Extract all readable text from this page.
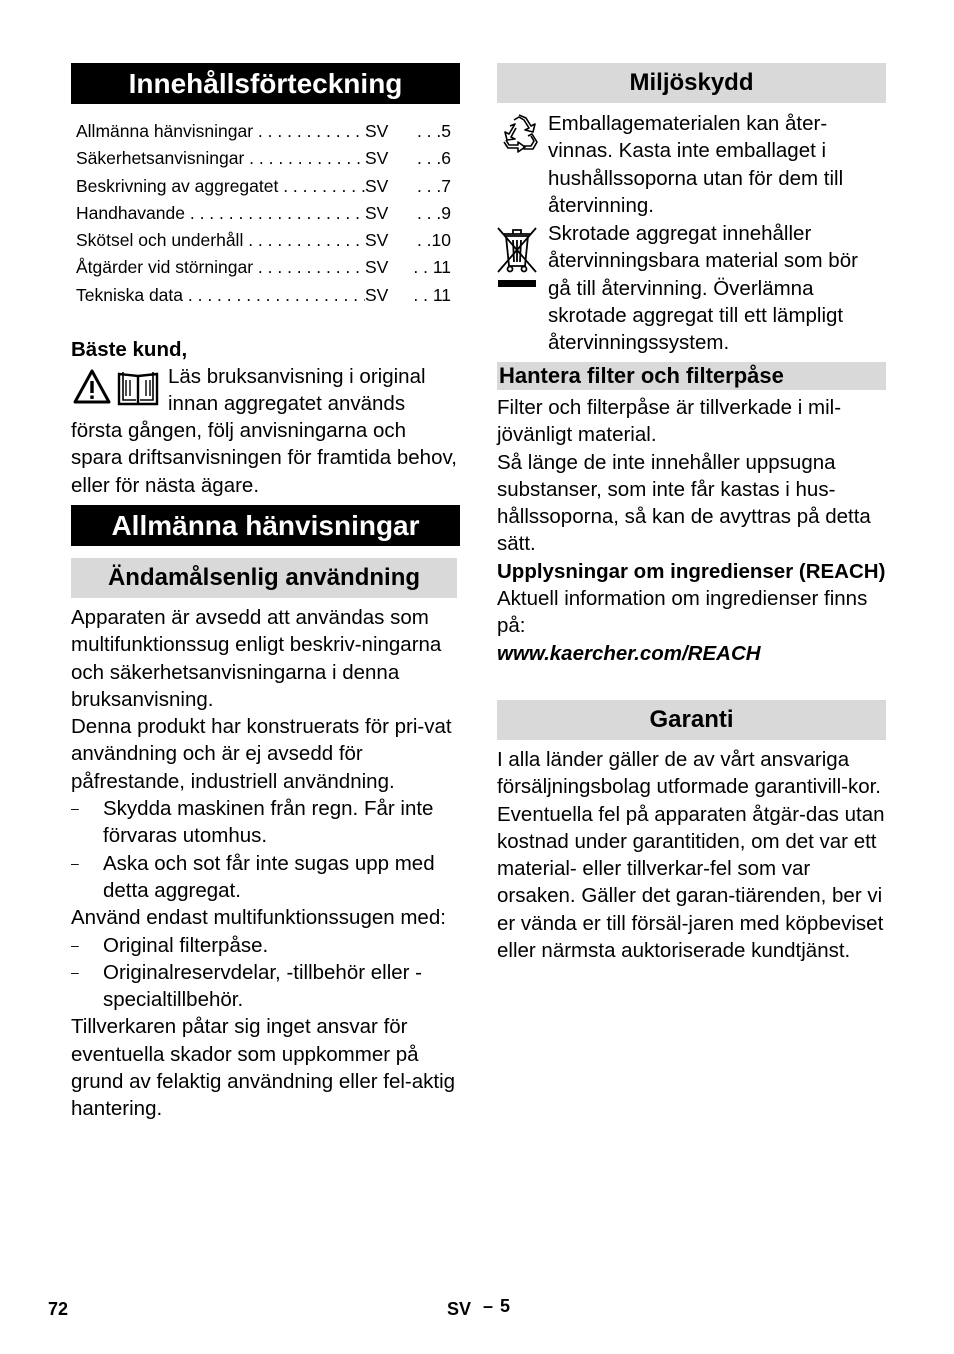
Innehållsförteckning
Allmänna hänvisningar . . .	SV	. . .5
Säkerhetsanvisningar . . .	SV	. . .6
Beskrivning av aggregatet . . .	SV	. . .7
Handhavande . . .	SV	. . .9
Skötsel och underhåll . . .	SV	. .10
Åtgärder vid störningar . . .	SV	. . 11
Tekniska data . . .	SV	. . 11
Bäste kund,
Läs bruksanvisning i original
innan aggregatet används
första gången, följ anvisningarna och spara driftsanvisningen för framtida behov, eller för nästa ägare.
Allmänna hänvisningar
Ändamålsenlig användning

Apparaten är avsedd att användas som multifunktionssug enligt beskriv-ningarna och säkerhetsanvisningarna i denna bruksanvisning.

Denna produkt har konstruerats för pri-vat användning och är ej avsedd för påfrestande, industriell användning.

– Skydda maskinen från regn. Får inte förvaras utomhus.
– Aska och sot får inte sugas upp med detta aggregat.

Använd endast multifunktionssugen med:

– Original filterpåse.
– Originalreservdelar, -tillbehör eller -specialtillbehör.

Tillverkaren påtar sig inget ansvar för eventuella skador som uppkommer på grund av felaktig användning eller fel-aktig hantering.

Miljöskydd
Emballagematerialen kan åter-vinnas. Kasta inte emballaget i hushållssoporna utan för dem till återvinning.
Skrotade aggregat innehåller återvinningsbara material som bör gå till återvinning. Överlämna skrotade aggregat till ett lämpligt återvinningssystem.
Hantera filter och filterpåse

Filter och filterpåse är tillverkade i mil-jövänligt material.

Så länge de inte innehåller uppsugna substanser, som inte får kastas i hus-hållssoporna, så kan de avyttras på detta sätt.

Upplysningar om ingredienser (REACH)

Aktuell information om ingredienser finns på:

www.kaercher.com/REACH

Garanti
I alla länder gäller de av vårt ansvariga försäljningsbolag utformade garantivill-kor. Eventuella fel på apparaten åtgär-das utan kostnad under garantitiden, om det var ett material- eller tillverkar-fel som var orsaken. Gäller det garan-tiärenden, ber vi er vända er till försäl-jaren med köpbeviset eller närmsta auktoriserade kundtjänst.
72	SV – 5
